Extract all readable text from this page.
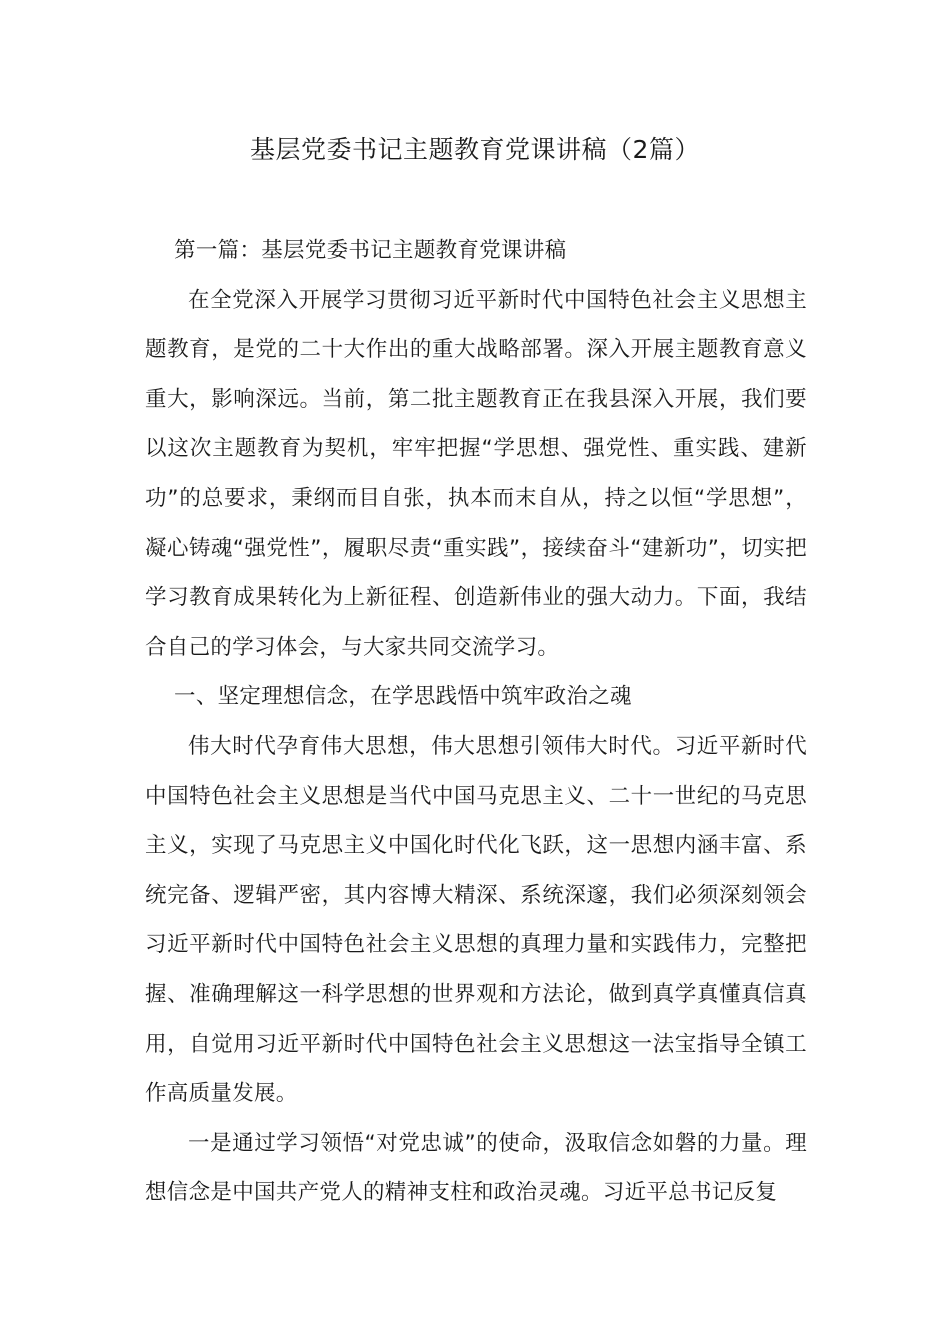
基层党委书记主题教育党课讲稿（2篇）

第一篇：基层党委书记主题教育党课讲稿

在全党深入开展学习贯彻习近平新时代中国特色社会主义思想主题教育，是党的二十大作出的重大战略部署。深入开展主题教育意义重大，影响深远。当前，第二批主题教育正在我县深入开展，我们要以这次主题教育为契机，牢牢把握“学思想、强党性、重实践、建新功”的总要求，秉纲而目自张，执本而末自从，持之以恒“学思想”，凝心铸魂“强党性”，履职尽责“重实践”，接续奋斗“建新功”，切实把学习教育成果转化为上新征程、创造新伟业的强大动力。下面，我结合自己的学习体会，与大家共同交流学习。

一、坚定理想信念，在学思践悟中筑牢政治之魂

伟大时代孕育伟大思想，伟大思想引领伟大时代。习近平新时代中国特色社会主义思想是当代中国马克思主义、二十一世纪的马克思主义，实现了马克思主义中国化时代化飞跃，这一思想内涵丰富、系统完备、逻辑严密，其内容博大精深、系统深邃，我们必须深刻领会习近平新时代中国特色社会主义思想的真理力量和实践伟力，完整把握、准确理解这一科学思想的世界观和方法论，做到真学真懂真信真用，自觉用习近平新时代中国特色社会主义思想这一法宝指导全镇工作高质量发展。

一是通过学习领悟“对党忠诚”的使命，汲取信念如磐的力量。理想信念是中国共产党人的精神支柱和政治灵魂。习近平总书记反复
